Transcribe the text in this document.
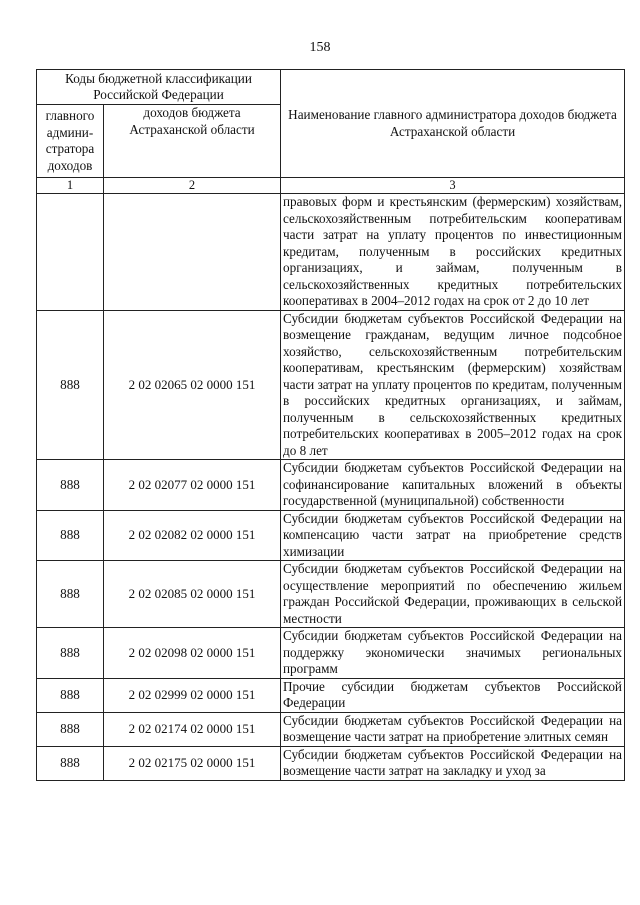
158
Коды бюджетной классификации Российской Федерации		Наименование главного администратора доходов бюджета Астраханской области
главного админи-стратора доходов	доходов бюджета Астраханской области	
1	2	3
		правовых форм и крестьянским (фермерским) хозяйствам, сельскохозяйственным потребительским кооперативам части затрат на уплату процентов по инвестиционным кредитам, полученным в российских кредитных организациях, и займам, полученным в сельскохозяйственных кредитных потребительских кооперативах в 2004–2012 годах на срок от 2 до 10 лет
888	2 02 02065 02 0000 151	Субсидии бюджетам субъектов Российской Федерации на возмещение гражданам, ведущим личное подсобное хозяйство, сельскохозяйственным потребительским кооперативам, крестьянским (фермерским) хозяйствам части затрат на уплату процентов по кредитам, полученным в российских кредитных организациях, и займам, полученным в сельскохозяйственных кредитных потребительских кооперативах в 2005–2012 годах на срок до 8 лет
888	2 02 02077 02 0000 151	Субсидии бюджетам субъектов Российской Федерации на софинансирование капитальных вложений в объекты государственной (муниципальной) собственности
888	2 02 02082 02 0000 151	Субсидии бюджетам субъектов Российской Федерации на компенсацию части затрат на приобретение средств химизации
888	2 02 02085 02 0000 151	Субсидии бюджетам субъектов Российской Федерации на осуществление мероприятий по обеспечению жильем граждан Российской Федерации, проживающих в сельской местности
888	2 02 02098 02 0000 151	Субсидии бюджетам субъектов Российской Федерации на поддержку экономически значимых региональных программ
888	2 02 02999 02 0000 151	Прочие субсидии бюджетам субъектов Российской Федерации
888	2 02 02174 02 0000 151	Субсидии бюджетам субъектов Российской Федерации на возмещение части затрат на приобретение элитных семян
888	2 02 02175 02 0000 151	Субсидии бюджетам субъектов Российской Федерации на возмещение части затрат на закладку и уход за
